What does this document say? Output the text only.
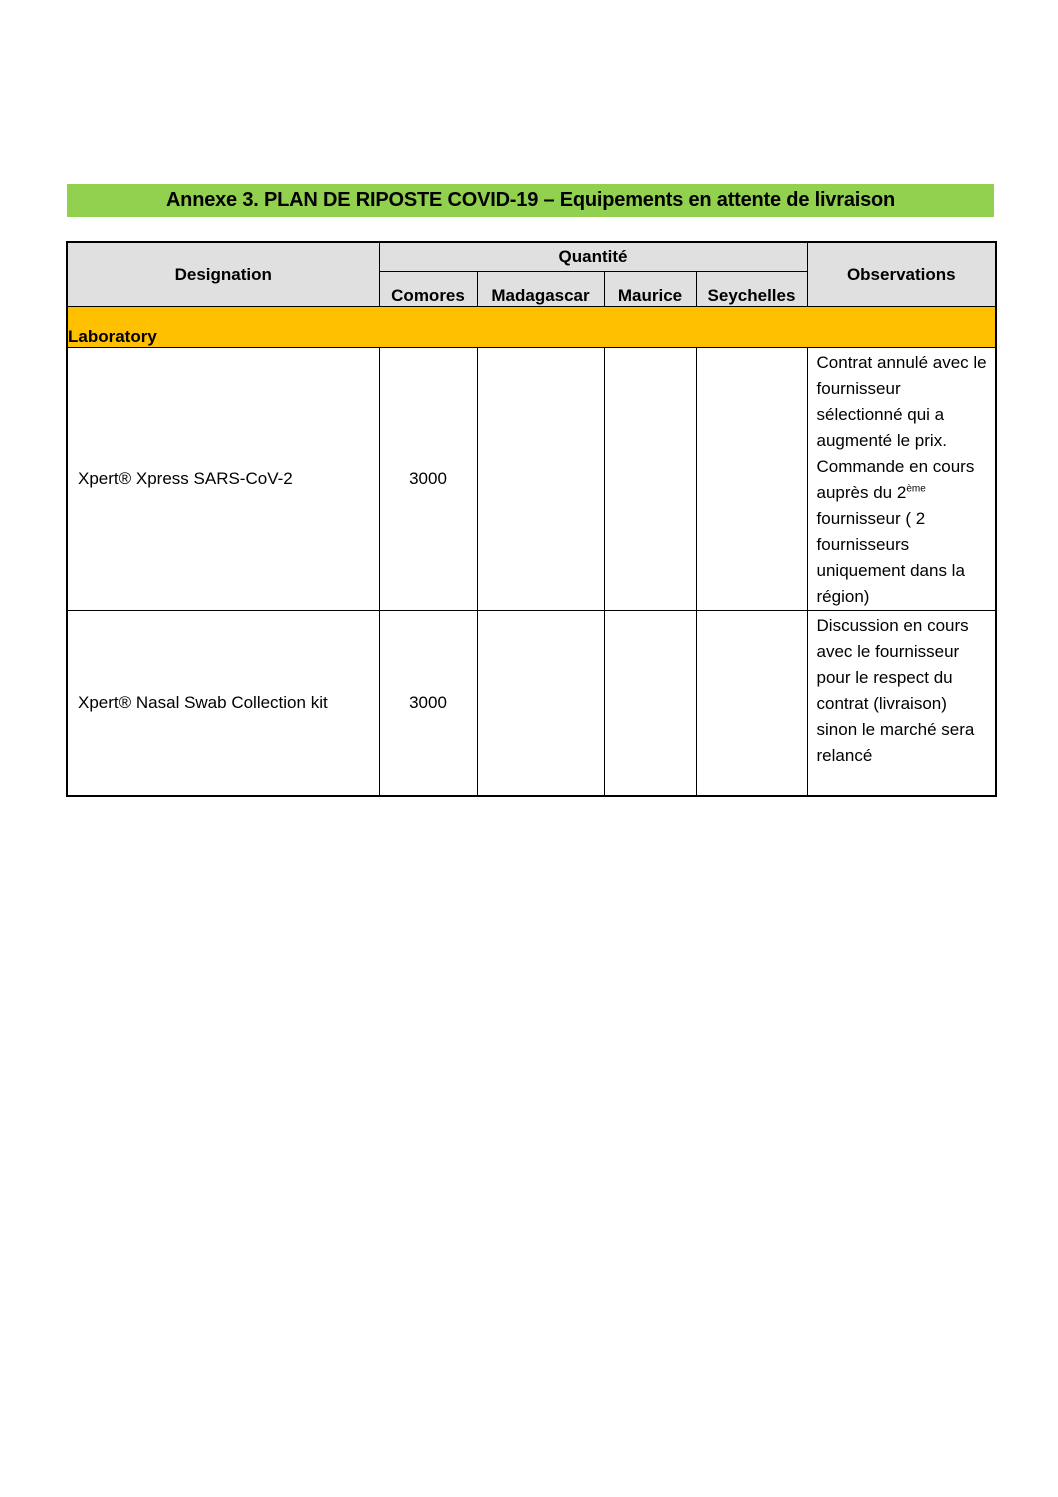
Annexe 3. PLAN DE RIPOSTE COVID-19 – Equipements en attente de livraison
Designation	Quantité				Observations
	Comores	Madagascar	Maurice	Seychelles	
Laboratory					
Xpert® Xpress SARS-CoV-2	3000				Contrat annulé avec le fournisseur sélectionné qui a augmenté le prix. Commande en cours auprès du 2ème fournisseur ( 2 fournisseurs uniquement dans la région)
Xpert® Nasal Swab Collection kit	3000				Discussion en cours avec le fournisseur pour le respect du contrat (livraison) sinon le marché sera relancé
